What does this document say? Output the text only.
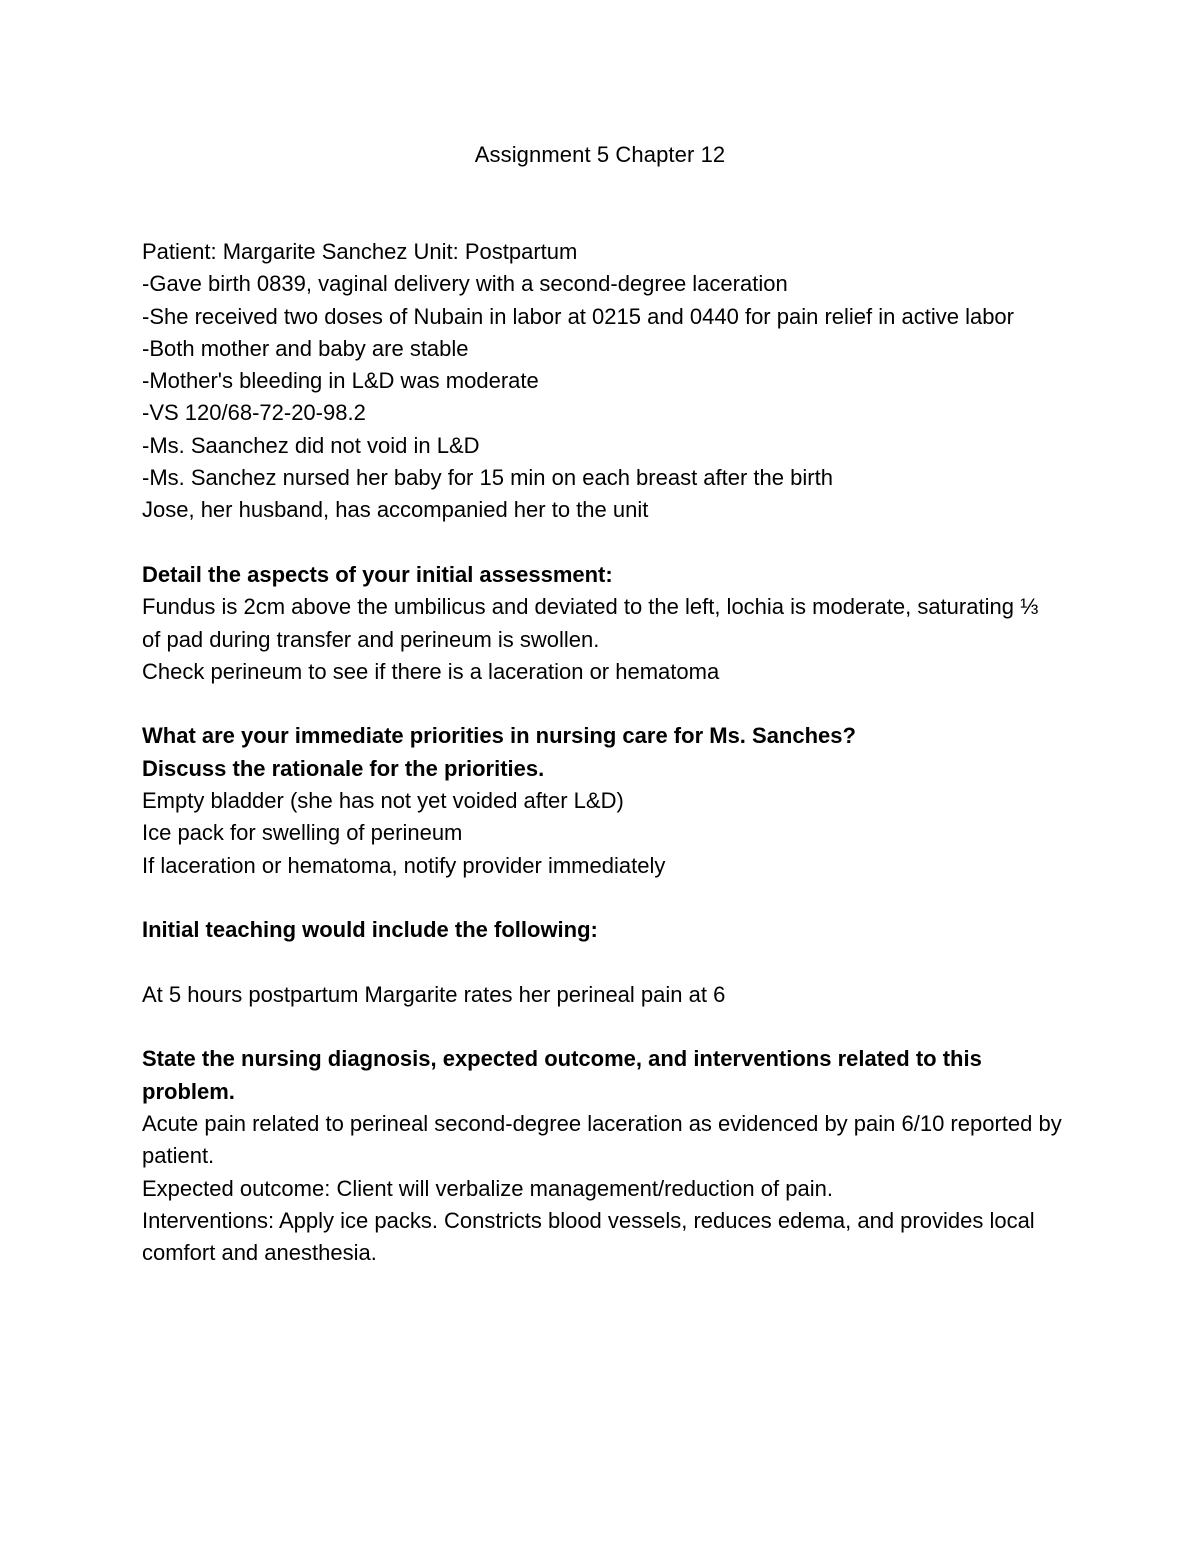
Assignment 5 Chapter 12

Patient: Margarite Sanchez Unit: Postpartum

-Gave birth 0839, vaginal delivery with a second-degree laceration

-She received two doses of Nubain in labor at 0215 and 0440 for pain relief in active labor

-Both mother and baby are stable

-Mother's bleeding in L&D was moderate

-VS 120/68-72-20-98.2

-Ms. Saanchez did not void in L&D

-Ms. Sanchez nursed her baby for 15 min on each breast after the birth

Jose, her husband, has accompanied her to the unit

Detail the aspects of your initial assessment:

Fundus is 2cm above the umbilicus and deviated to the left, lochia is moderate, saturating ⅓ of pad during transfer and perineum is swollen.

Check perineum to see if there is a laceration or hematoma

What are your immediate priorities in nursing care for Ms. Sanches?

Discuss the rationale for the priorities.

Empty bladder (she has not yet voided after L&D)

Ice pack for swelling of perineum

If laceration or hematoma, notify provider immediately

Initial teaching would include the following:

At 5 hours postpartum Margarite rates her perineal pain at 6

State the nursing diagnosis, expected outcome, and interventions related to this problem.

Acute pain related to perineal second-degree laceration as evidenced by pain 6/10 reported by patient.

Expected outcome: Client will verbalize management/reduction of pain.

Interventions: Apply ice packs. Constricts blood vessels, reduces edema, and provides local comfort and anesthesia.
